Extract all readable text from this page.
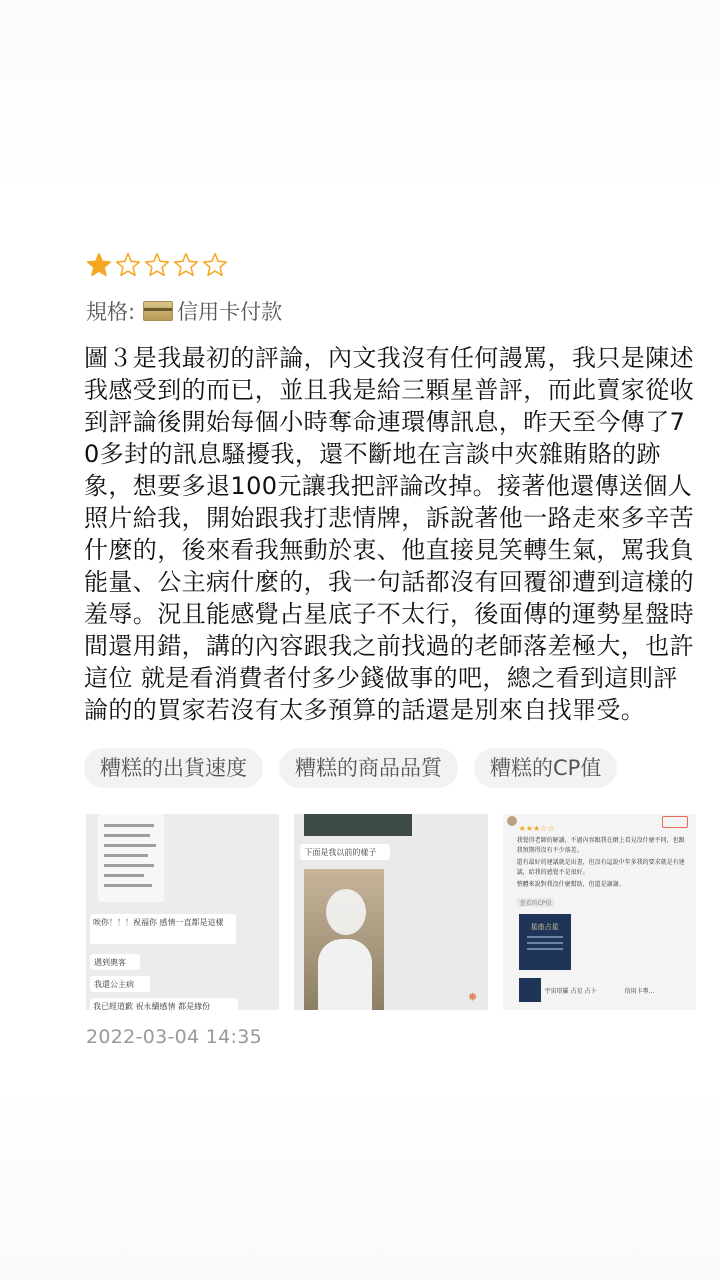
規格: 信用卡付款
圖３是我最初的評論，內文我沒有任何謾罵，我只是陳述我感受到的而已，並且我是給三顆星普評，而此賣家從收到評論後開始每個小時奪命連環傳訊息，昨天至今傳了70多封的訊息騷擾我，還不斷地在言談中夾雜賄賂的跡象，想要多退100元讓我把評論改掉。接著他還傳送個人照片給我，開始跟我打悲情牌，訴說著他一路走來多辛苦什麼的，後來看我無動於衷、他直接見笑轉生氣，罵我負能量、公主病什麼的，我一句話都沒有回覆卻遭到這樣的羞辱。況且能感覺占星底子不太行，後面傳的運勢星盤時間還用錯，講的內容跟我之前找過的老師落差極大，也許這位 就是看消費者付多少錢做事的吧，總之看到這則評論的的買家若沒有太多預算的話還是別來自找罪受。
糟糕的出貨速度	糟糕的商品品質	糟糕的CP值
唉你！！！祝福你 感情一直都是這樣
遇到奧客
我還公主病
我已經道歉 祝永續感情 都是緣份
下面是我以前的樣子
✸
★★★☆☆
我覺得老師的解讀，不過內容跟我在網上看見沒什麼不同，也跟我預期得沒有不少落差。
還有最好的建議就是出書，但沒有這說中年多我的要求就是有建議，給我的感覺不是很好。
整體來說對我沒什麼幫助，但還是謝謝。
查看的CP值
星座占星
宇宙塔羅 占星 占卜	信用卡專...
2022-03-04 14:35
